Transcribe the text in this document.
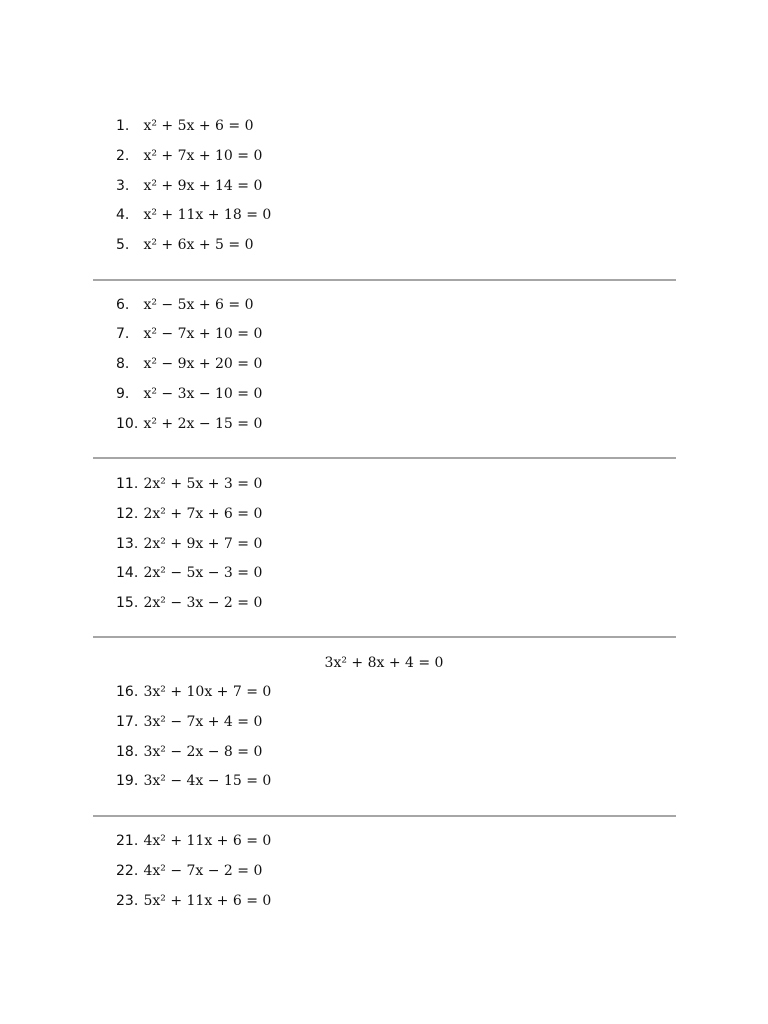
1. x² + 5x + 6 = 0
2. x² + 7x + 10 = 0
3. x² + 9x + 14 = 0
4. x² + 11x + 18 = 0
5. x² + 6x + 5 = 0
6. x² − 5x + 6 = 0
7. x² − 7x + 10 = 0
8. x² − 9x + 20 = 0
9. x² − 3x − 10 = 0
10. x² + 2x − 15 = 0
11. 2x² + 5x + 3 = 0
12. 2x² + 7x + 6 = 0
13. 2x² + 9x + 7 = 0
14. 2x² − 5x − 3 = 0
15. 2x² − 3x − 2 = 0
3x² + 8x + 4 = 0
16. 3x² + 10x + 7 = 0
17. 3x² − 7x + 4 = 0
18. 3x² − 2x − 8 = 0
19. 3x² − 4x − 15 = 0
21. 4x² + 11x + 6 = 0
22. 4x² − 7x − 2 = 0
23. 5x² + 11x + 6 = 0
